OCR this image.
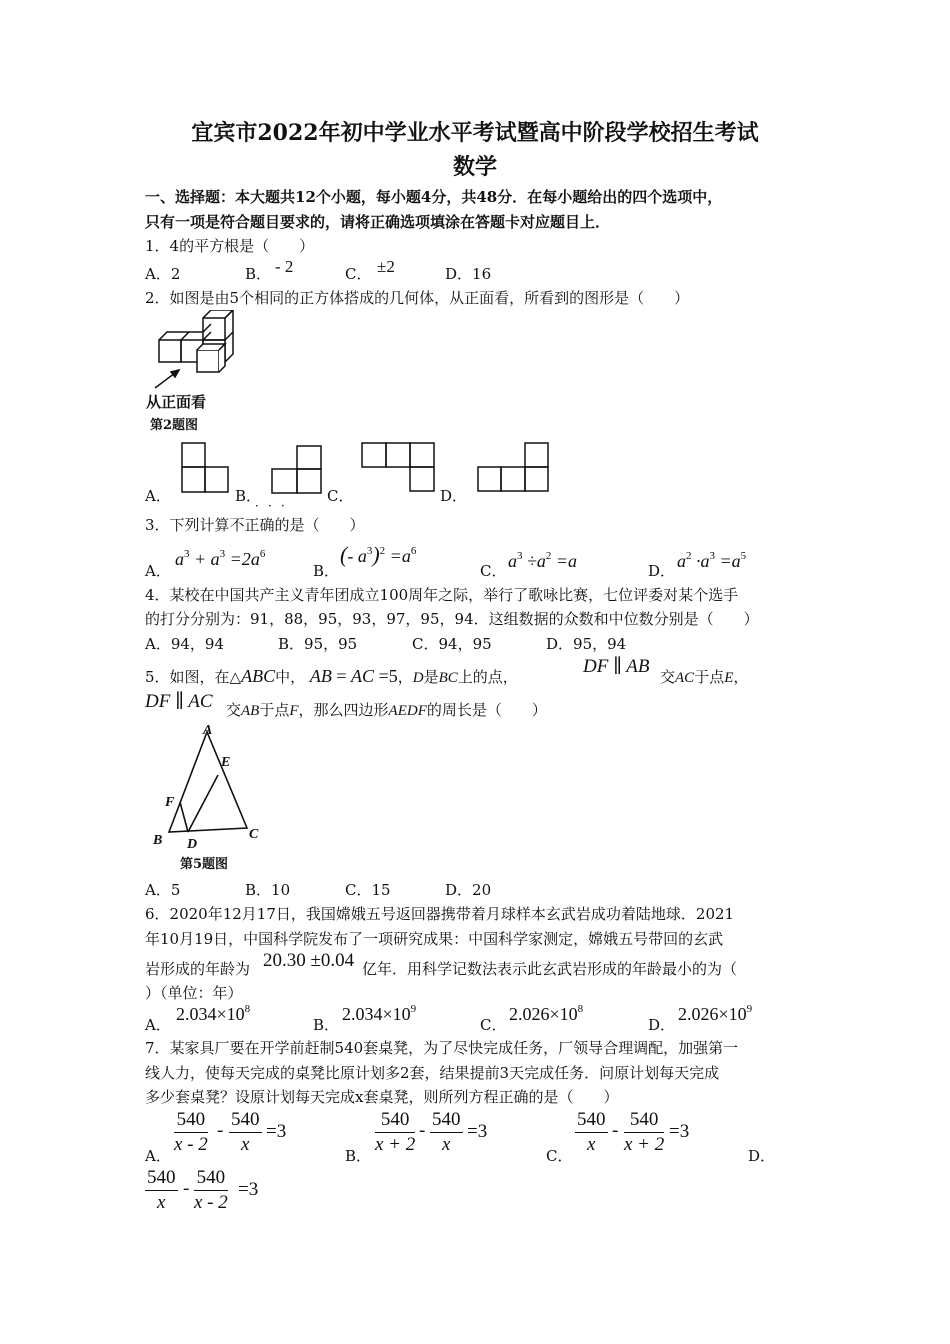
宜宾市2022年初中学业水平考试暨高中阶段学校招生考试
数学
一、选择题：本大题共12个小题，每小题4分，共48分．在每小题给出的四个选项中，
只有一项是符合题目要求的，请将正确选项填涂在答题卡对应题目上．
1．4的平方根是（　　）
A．2	B． - 2	C． ±2	D．16
2．如图是由5个相同的正方体搭成的几何体，从正面看，所看到的图形是（　　）
从正面看
第2题图
A．	B．
．．． C．	D．
3．下列计算不正确的是（　　）
A．
$a^3 + a^3 =2a^6$
B．
(- $a^3)^2 =a^6$
C． $a^3 \div a^2 =a$	D． $a^2 \cdot a^3 =a^5$
4．某校在中国共产主义青年团成立100周年之际，举行了歌咏比赛，七位评委对某个选手
的打分分别为：91，88，95，93，97，95，94．这组数据的众数和中位数分别是（　　）
A．94，94	B．95，95	C．94，95	D．95，94
5．如图，在△ABC中， AB = AC =5，D是BC上的点，	DF ∥ AB 交AC于点E，
DF ∥ AC 交AB于点F，那么四边形AEDF的周长是（　　）
A
E
F
B D
C
第5题图
A．5	B．10	C．15	D．20
6．2020年12月17日，我国嫦娥五号返回器携带着月球样本玄武岩成功着陆地球．2021
年10月19日，中国科学院发布了一项研究成果：中国科学家测定，嫦娥五号带回的玄武
岩形成的年龄为 20.30 ±0.04 亿年．用科学记数法表示此玄武岩形成的年龄最小的为（
）（单位：年）
A．
$2.034\times 10^8$
B．
$2.034\times 10^9$
C．
$2.026\times 10^8$
D．
$2.026\times 10^9$
7．某家具厂要在开学前赶制540套桌凳，为了尽快完成任务，厂领导合理调配，加强第一
线人力，使每天完成的桌凳比原计划多2套，结果提前3天完成任务．问原计划每天完成
多少套桌凳？设原计划每天完成x套桌凳，则所列方程正确的是（　　）
A． $\frac{540}{x - 2} - \frac{540}{x} =3$
B． $\frac{540}{x + 2} - \frac{540}{x} =3$
C． $\frac{540}{x} - \frac{540}{x + 2} =3$
D．
$\frac{540}{x} - \frac{540}{x - 2} =3$
